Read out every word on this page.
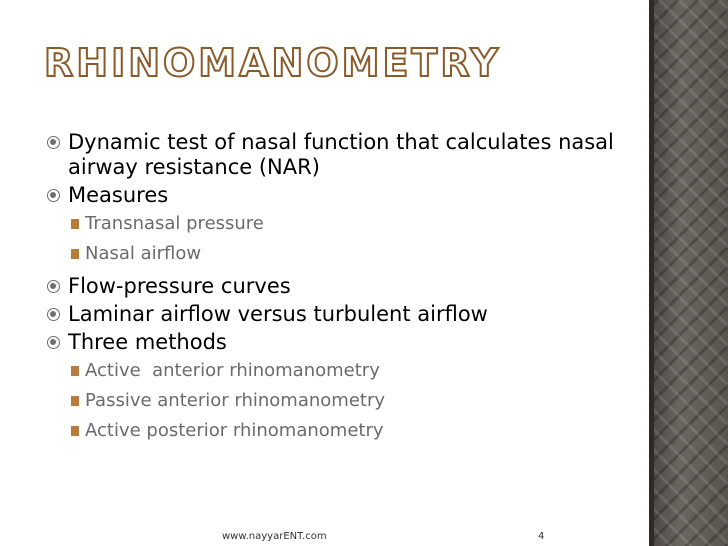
RHINOMANOMETRY
Dynamic test of nasal function that calculates nasal airway resistance (NAR)
Measures
Transnasal pressure
Nasal airflow
Flow-pressure curves
Laminar airflow versus turbulent airflow
Three methods
Active  anterior rhinomanometry
Passive anterior rhinomanometry
Active posterior rhinomanometry
www.nayyarENT.com	4
